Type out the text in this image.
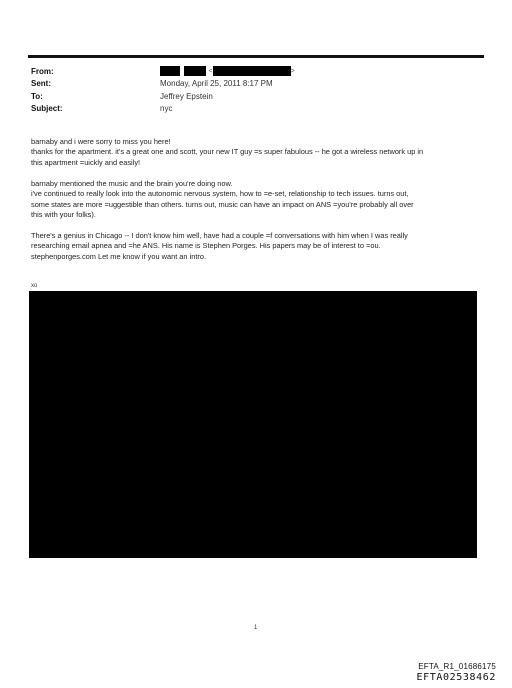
From:	<	>
Sent:	Monday, April 25, 2011 8:17 PM
To:	Jeffrey Epstein
Subject:	nyc

barnaby and i were sorry to miss you here!
thanks for the apartment. it's a great one and scott, your new IT guy =s super fabulous -- he got a wireless network up in
this apartment =uickly and easily!

barnaby mentioned the music and the brain you're doing now.
i've continued to really look into the autonomic nervous system, how to =e-set, relationship to tech issues. turns out,
some states are more =uggestible than others. turns out, music can have an impact on ANS =you're probably all over
this with your folks).

There's a genius in Chicago -- I don't know him well, have had a couple =f conversations with him when I was really
researching email apnea and =he ANS. His name is Stephen Porges. His papers may be of interest to =ou.
stephenporges.com Let me know if you want an intro.

xo
1
EFTA_R1_01686175
EFTA02538462
